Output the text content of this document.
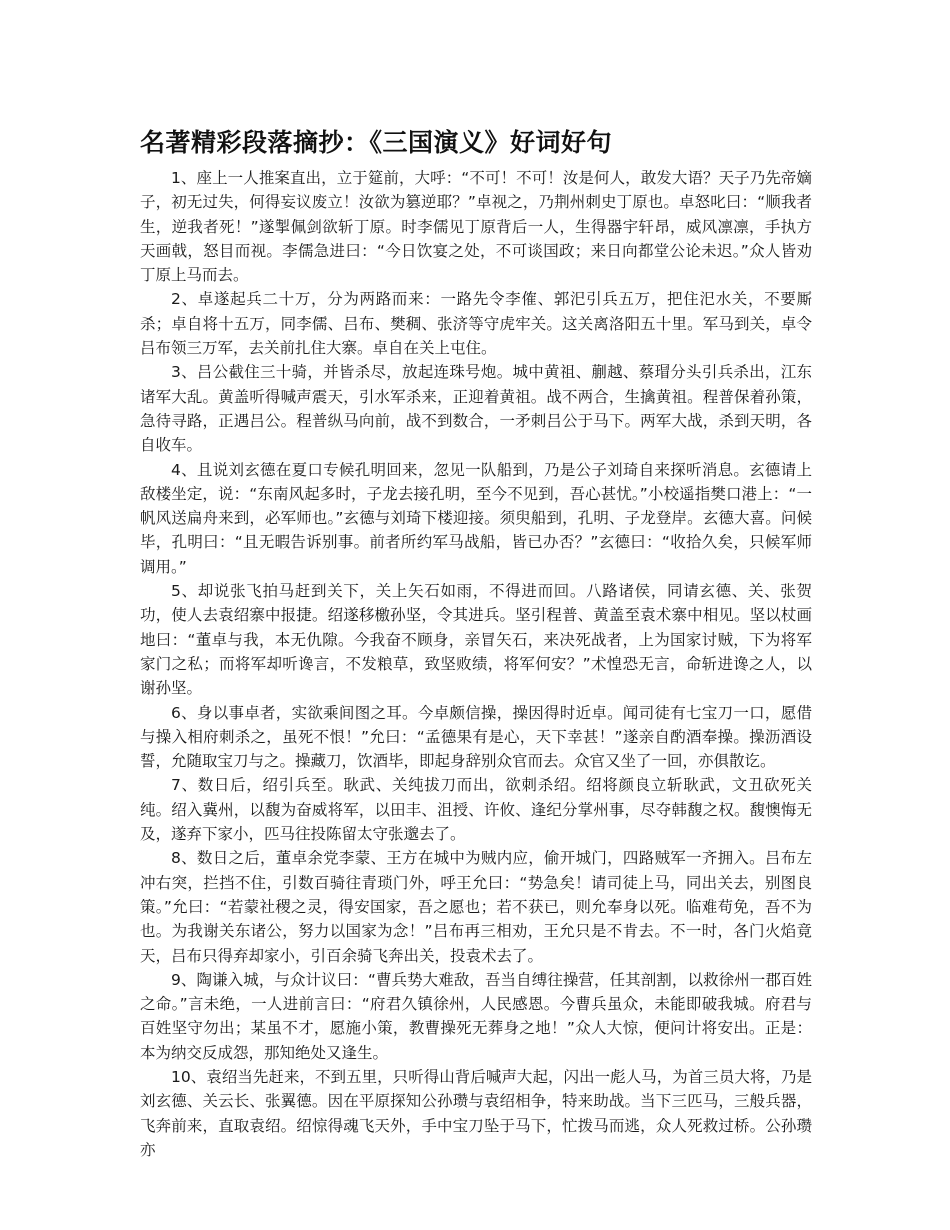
名著精彩段落摘抄：《三国演义》好词好句

1、座上一人推案直出，立于筵前，大呼：“不可！不可！汝是何人，敢发大语？天子乃先帝嫡子，初无过失，何得妄议废立！汝欲为篡逆耶？”卓视之，乃荆州刺史丁原也。卓怒叱曰：“顺我者生，逆我者死！”遂掣佩剑欲斩丁原。时李儒见丁原背后一人，生得器宇轩昂，威风凛凛，手执方天画戟，怒目而视。李儒急进曰：“今日饮宴之处，不可谈国政；来日向都堂公论未迟。”众人皆劝丁原上马而去。

2、卓遂起兵二十万，分为两路而来：一路先令李傕、郭汜引兵五万，把住汜水关，不要厮杀；卓自将十五万，同李儒、吕布、樊稠、张济等守虎牢关。这关离洛阳五十里。军马到关，卓令吕布领三万军，去关前扎住大寨。卓自在关上屯住。

3、吕公截住三十骑，并皆杀尽，放起连珠号炮。城中黄祖、蒯越、蔡瑁分头引兵杀出，江东诸军大乱。黄盖听得喊声震天，引水军杀来，正迎着黄祖。战不两合，生擒黄祖。程普保着孙策，急待寻路，正遇吕公。程普纵马向前，战不到数合，一矛刺吕公于马下。两军大战，杀到天明，各自收车。

4、且说刘玄德在夏口专候孔明回来，忽见一队船到，乃是公子刘琦自来探听消息。玄德请上敌楼坐定，说：“东南风起多时，子龙去接孔明，至今不见到，吾心甚忧。”小校遥指樊口港上：“一帆风送扁舟来到，必军师也。”玄德与刘琦下楼迎接。须臾船到，孔明、子龙登岸。玄德大喜。问候毕，孔明曰：“且无暇告诉别事。前者所约军马战船，皆已办否？”玄德曰：“收拾久矣，只候军师调用。”

5、却说张飞拍马赶到关下，关上矢石如雨，不得进而回。八路诸侯，同请玄德、关、张贺功，使人去袁绍寨中报捷。绍遂移檄孙坚，令其进兵。坚引程普、黄盖至袁术寨中相见。坚以杖画地曰：“董卓与我，本无仇隙。今我奋不顾身，亲冒矢石，来决死战者，上为国家讨贼，下为将军家门之私；而将军却听谗言，不发粮草，致坚败绩，将军何安？”术惶恐无言，命斩进谗之人，以谢孙坚。

6、身以事卓者，实欲乘间图之耳。今卓颇信操，操因得时近卓。闻司徒有七宝刀一口，愿借与操入相府刺杀之，虽死不恨！”允曰：“孟德果有是心，天下幸甚！”遂亲自酌酒奉操。操沥酒设誓，允随取宝刀与之。操藏刀，饮酒毕，即起身辞别众官而去。众官又坐了一回，亦俱散讫。

7、数日后，绍引兵至。耿武、关纯拔刀而出，欲刺杀绍。绍将颜良立斩耿武，文丑砍死关纯。绍入冀州，以馥为奋威将军，以田丰、沮授、许攸、逢纪分掌州事，尽夺韩馥之权。馥懊悔无及，遂弃下家小，匹马往投陈留太守张邈去了。

8、数日之后，董卓余党李蒙、王方在城中为贼内应，偷开城门，四路贼军一齐拥入。吕布左冲右突，拦挡不住，引数百骑往青琐门外，呼王允曰：“势急矣！请司徒上马，同出关去，别图良策。”允曰：“若蒙社稷之灵，得安国家，吾之愿也；若不获已，则允奉身以死。临难苟免，吾不为也。为我谢关东诸公，努力以国家为念！”吕布再三相劝，王允只是不肯去。不一时，各门火焰竟天，吕布只得弃却家小，引百余骑飞奔出关，投袁术去了。

9、陶谦入城，与众计议曰：“曹兵势大难敌，吾当自缚往操营，任其剖割，以救徐州一郡百姓之命。”言未绝，一人进前言曰：“府君久镇徐州，人民感恩。今曹兵虽众，未能即破我城。府君与百姓坚守勿出；某虽不才，愿施小策，教曹操死无葬身之地！”众人大惊，便问计将安出。正是：本为纳交反成怨，那知绝处又逢生。

10、袁绍当先赶来，不到五里，只听得山背后喊声大起，闪出一彪人马，为首三员大将，乃是刘玄德、关云长、张翼德。因在平原探知公孙瓒与袁绍相争，特来助战。当下三匹马，三般兵器，飞奔前来，直取袁绍。绍惊得魂飞天外，手中宝刀坠于马下，忙拨马而逃，众人死救过桥。公孙瓒亦
